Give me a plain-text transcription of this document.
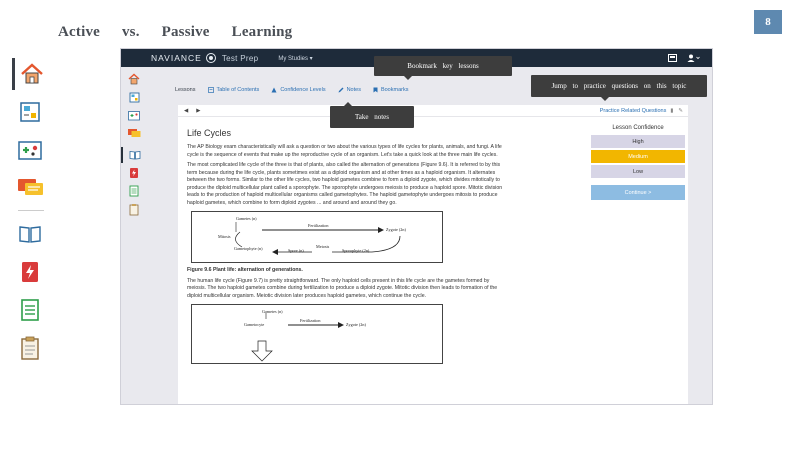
Active vs. Passive Learning
8
NAVIANCE	Test Prep	My Studies ▾
Lessons	Table of Contents	Confidence Levels	Notes	Bookmarks
◀ ▶	Practice Related Questions ▮ ✎
Life Cycles

The AP Biology exam characteristically will ask a question or two about the various types of life cycles for plants, animals, and fungi. A life cycle is the sequence of events that make up the reproductive cycle of an organism. Let's take a quick look at the three main life cycles.

The most complicated life cycle of the three is that of plants, also called the alternation of generations (Figure 9.6). It is referred to by this term because during the life cycle, plants sometimes exist as a diploid organism and at other times as a haploid organism. It alternates between the two forms. Similar to the other life cycles, two haploid gametes combine to form a diploid zygote, which divides mitotically to produce the diploid multicellular plant called a sporophyte. The sporophyte undergoes meiosis to produce a haploid spore. Mitotic division leads to the production of haploid multicellular organisms called gametophytes. The haploid gametophyte undergoes mitosis to produce haploid gametes, which combine to form diploid zygotes ... and around and around they go.

Gametes (n)
Fertilization
Zygote (2n)
Mitosis
Gametophyte (n)	Spore (n)
Meiosis
Sporophyte (2n)

Figure 9.6 Plant life: alternation of generations.

The human life cycle (Figure 9.7) is pretty straightforward. The only haploid cells present in this life cycle are the gametes formed by meiosis. The two haploid gametes combine during fertilization to produce a diploid zygote. Mitotic division then leads to formation of the diploid multicellular organism. Meiotic division later produces haploid gametes, which continue the cycle.

Gametes (n)
Fertilization
Zygote (2n)
Gametocyte
Lesson Confidence
High
Medium
Low
Continue >
Bookmark key lessons
Jump to practice questions on this topic
Take notes
